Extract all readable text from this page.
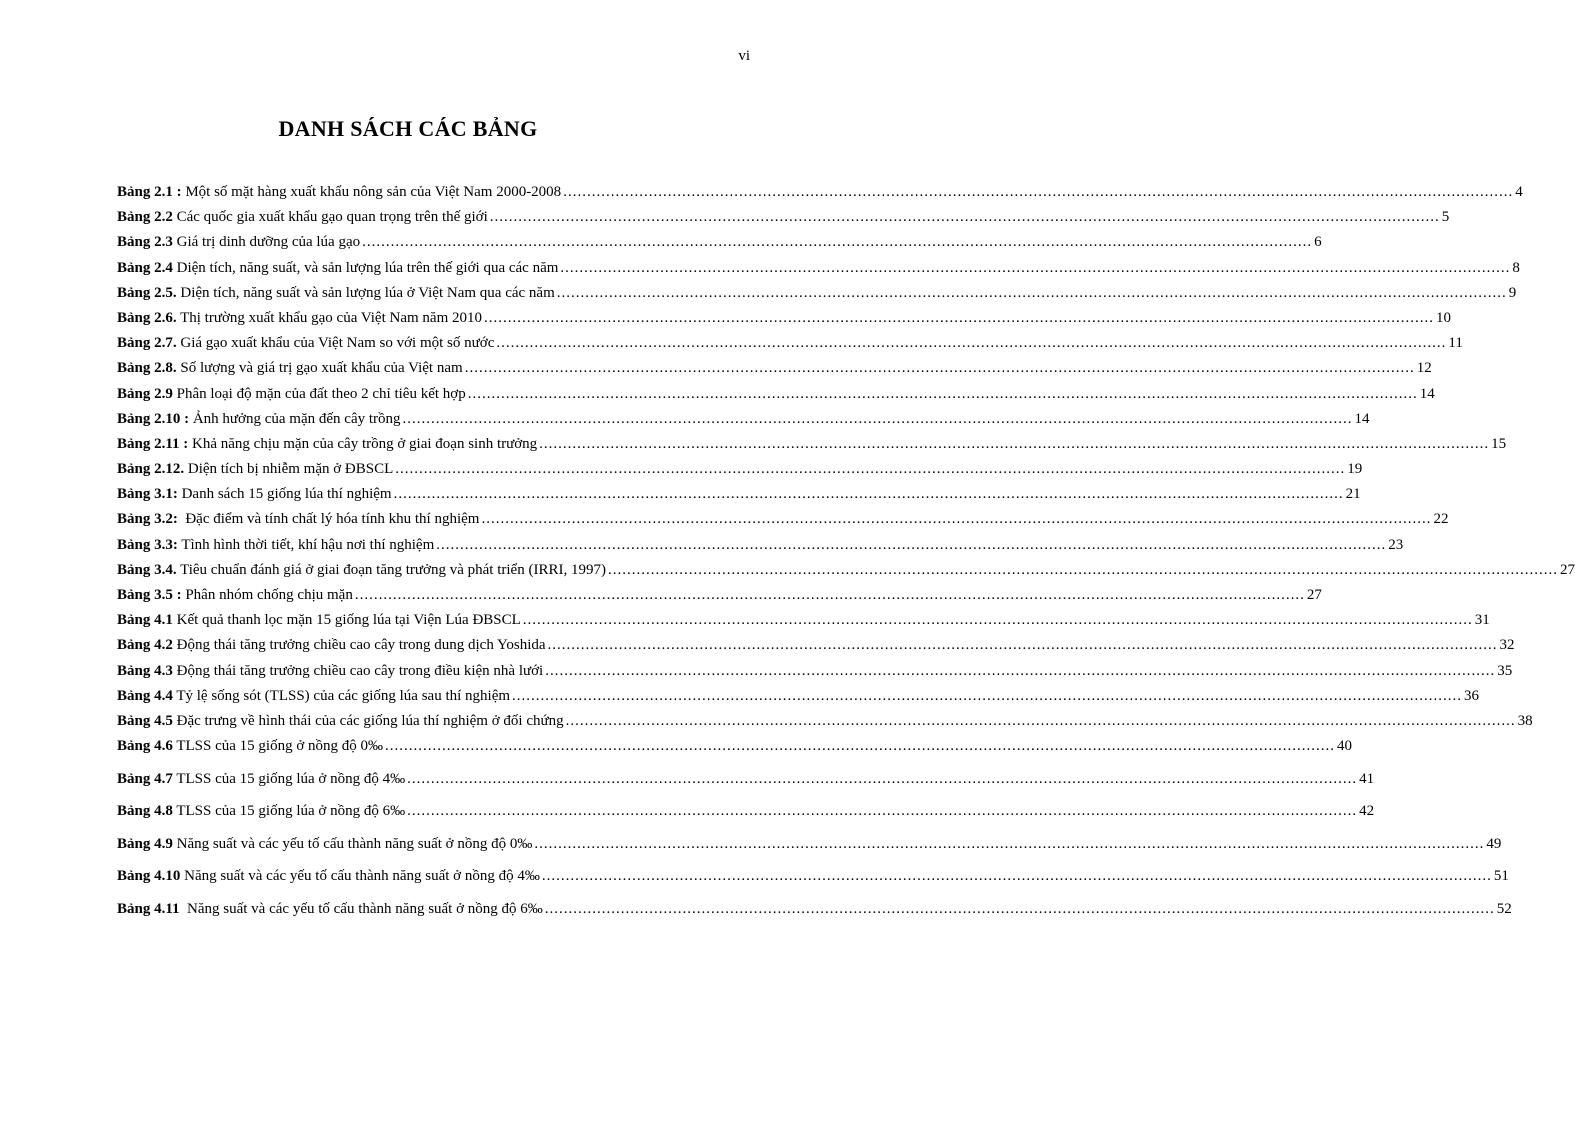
vi
DANH SÁCH CÁC BẢNG
Bảng 2.1 : Một số mặt hàng xuất khẩu nông sản của Việt Nam 2000-2008 ........................................................................................................................................................................................................ 4
Bảng 2.2 Các quốc gia xuất khẩu gạo quan trọng trên thế giới ........................................................................................................................................................................................................ 5
Bảng 2.3 Giá trị dinh dưỡng của lúa gạo ........................................................................................................................................................................................................ 6
Bảng 2.4 Diện tích, năng suất, và sản lượng lúa trên thế giới qua các năm ........................................................................................................................................................................................................ 8
Bảng 2.5. Diện tích, năng suất và sản lượng lúa ở Việt Nam qua các năm ........................................................................................................................................................................................................ 9
Bảng 2.6. Thị trường xuất khẩu gạo của Việt Nam năm 2010 ........................................................................................................................................................................................................ 10
Bảng 2.7. Giá gạo xuất khẩu của Việt Nam so với một số nước ........................................................................................................................................................................................................ 11
Bảng 2.8. Số lượng và giá trị gạo xuất khẩu của Việt nam ........................................................................................................................................................................................................ 12
Bảng 2.9 Phân loại độ mặn của đất theo 2 chỉ tiêu kết hợp ........................................................................................................................................................................................................ 14
Bảng 2.10 : Ảnh hưởng của mặn đến cây trồng ........................................................................................................................................................................................................ 14
Bảng 2.11 : Khả năng chịu mặn của cây trồng ở giai đoạn sinh trưởng ........................................................................................................................................................................................................ 15
Bảng 2.12. Diện tích bị nhiễm mặn ở ĐBSCL ........................................................................................................................................................................................................ 19
Bảng 3.1: Danh sách 15 giống lúa thí nghiệm ........................................................................................................................................................................................................ 21
Bảng 3.2:  Đặc điểm và tính chất lý hóa tính khu thí nghiệm ........................................................................................................................................................................................................ 22
Bảng 3.3: Tình hình thời tiết, khí hậu nơi thí nghiệm ........................................................................................................................................................................................................ 23
Bảng 3.4. Tiêu chuẩn đánh giá ở giai đoạn tăng trưởng và phát triển (IRRI, 1997) ........................................................................................................................................................................................................ 27
Bảng 3.5 : Phân nhóm chống chịu mặn ........................................................................................................................................................................................................ 27
Bảng 4.1 Kết quả thanh lọc mặn 15 giống lúa tại Viện Lúa ĐBSCL ........................................................................................................................................................................................................ 31
Bảng 4.2 Động thái tăng trưởng chiều cao cây trong dung dịch Yoshida ........................................................................................................................................................................................................ 32
Bảng 4.3 Động thái tăng trưởng chiều cao cây trong điều kiện nhà lưới ........................................................................................................................................................................................................ 35
Bảng 4.4 Tỷ lệ sống sót (TLSS) của các giống lúa sau thí nghiệm ........................................................................................................................................................................................................ 36
Bảng 4.5 Đặc trưng về hình thái của các giống lúa thí nghiệm ở đối chứng ........................................................................................................................................................................................................ 38
Bảng 4.6 TLSS của 15 giống ở nồng độ 0‰ ........................................................................................................................................................................................................ 40
Bảng 4.7 TLSS của 15 giống lúa ở nồng độ 4‰ ........................................................................................................................................................................................................ 41
Bảng 4.8 TLSS của 15 giống lúa ở nồng độ 6‰ ........................................................................................................................................................................................................ 42
Bảng 4.9 Năng suất và các yếu tố cấu thành năng suất ở nồng độ 0‰ ........................................................................................................................................................................................................ 49
Bảng 4.10 Năng suất và các yếu tố cấu thành năng suất ở nồng độ 4‰ ........................................................................................................................................................................................................ 51
Bảng 4.11  Năng suất và các yếu tố cấu thành năng suất ở nồng độ 6‰ ........................................................................................................................................................................................................ 52
